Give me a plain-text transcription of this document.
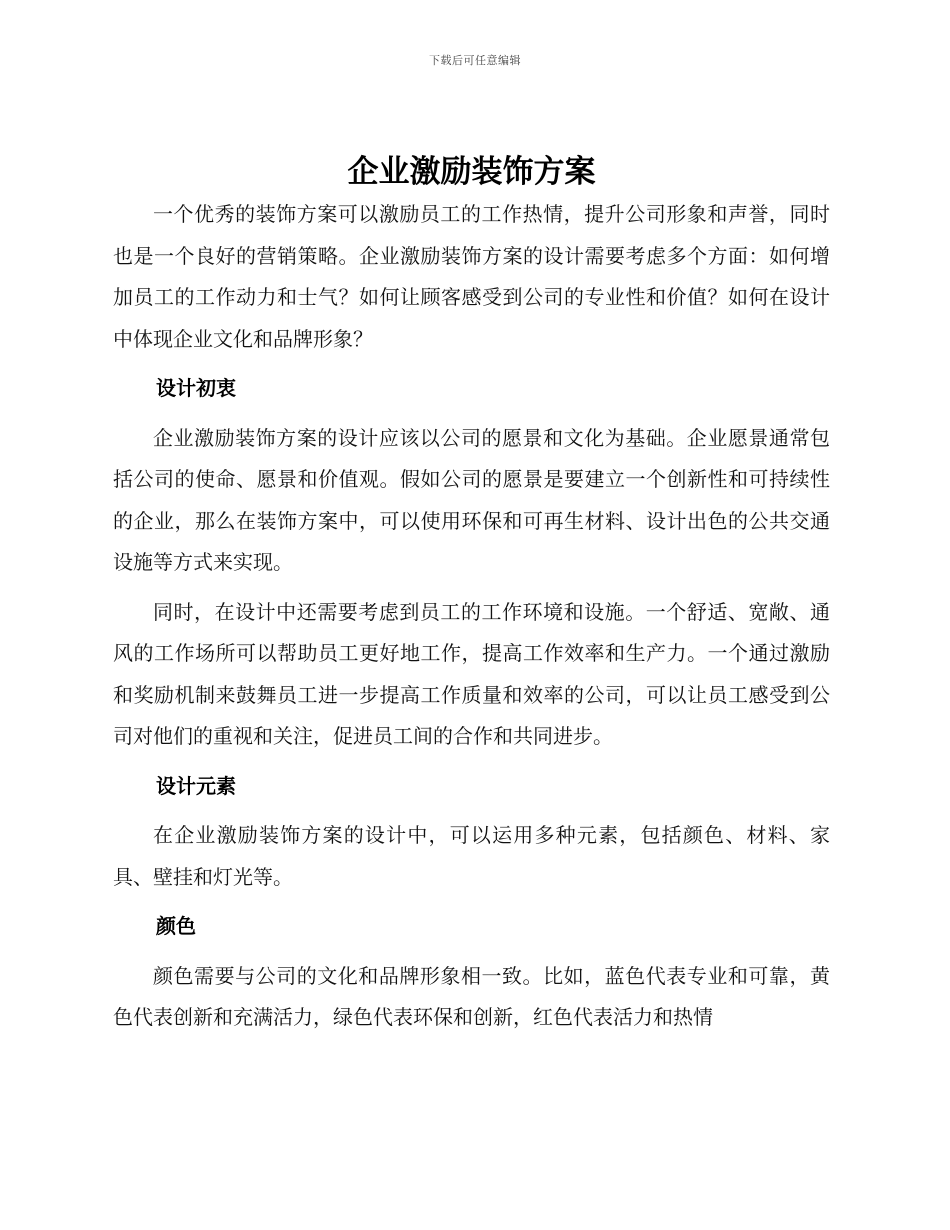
下载后可任意编辑
企业激励装饰方案

一个优秀的装饰方案可以激励员工的工作热情，提升公司形象和声誉，同时也是一个良好的营销策略。企业激励装饰方案的设计需要考虑多个方面：如何增加员工的工作动力和士气？如何让顾客感受到公司的专业性和价值？如何在设计中体现企业文化和品牌形象？

设计初衷

企业激励装饰方案的设计应该以公司的愿景和文化为基础。企业愿景通常包括公司的使命、愿景和价值观。假如公司的愿景是要建立一个创新性和可持续性的企业，那么在装饰方案中，可以使用环保和可再生材料、设计出色的公共交通设施等方式来实现。

同时，在设计中还需要考虑到员工的工作环境和设施。一个舒适、宽敞、通风的工作场所可以帮助员工更好地工作，提高工作效率和生产力。一个通过激励和奖励机制来鼓舞员工进一步提高工作质量和效率的公司，可以让员工感受到公司对他们的重视和关注，促进员工间的合作和共同进步。

设计元素

在企业激励装饰方案的设计中，可以运用多种元素，包括颜色、材料、家具、壁挂和灯光等。

颜色

颜色需要与公司的文化和品牌形象相一致。比如，蓝色代表专业和可靠，黄色代表创新和充满活力，绿色代表环保和创新，红色代表活力和热情
